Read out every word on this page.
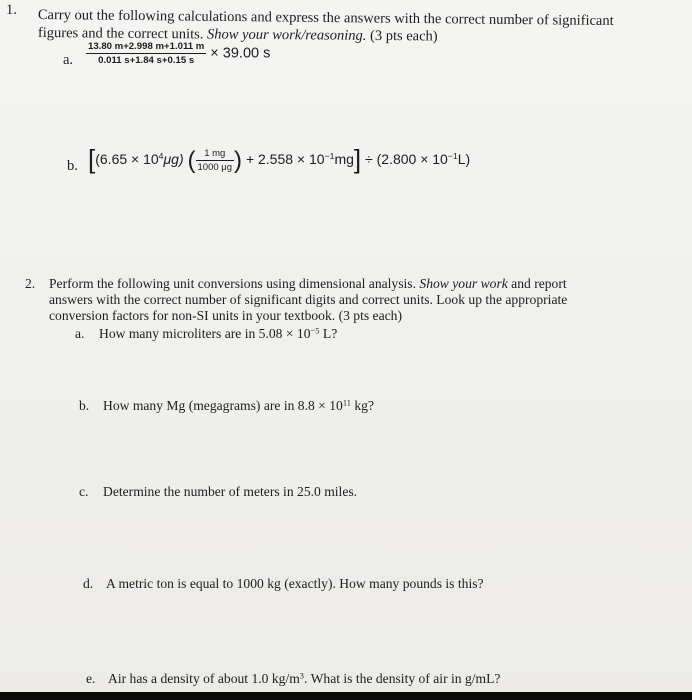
1. Carry out the following calculations and express the answers with the correct number of significant
figures and the correct units. Show your work/reasoning. (3 pts each)
a. $\frac{13.80 m+2.998 m+1.011 m}{0.011 s+1.84 s+0.15 s} \times 39.00$ s
b. [$(6.65 \times 10^4\mu g)$ ( $\frac{1 mg}{1000 \mu g}$ ) + $2.558 \times 10^{-1}mg] \div (2.800 \times 10^{-1}L)$
2. Perform the following unit conversions using dimensional analysis. Show your work and report
answers with the correct number of significant digits and correct units. Look up the appropriate
conversion factors for non-SI units in your textbook. (3 pts each)
a. How many microliters are in $5.08 \times 10^{-5}$ L?
b. How many Mg (megagrams) are in $8.8 \times 10^{11}$ kg?
c. Determine the number of meters in 25.0 miles.
d. A metric ton is equal to 1000 kg (exactly). How many pounds is this?
e. Air has a density of about 1.0 $kg/m^3$. What is the density of air in g/mL?
